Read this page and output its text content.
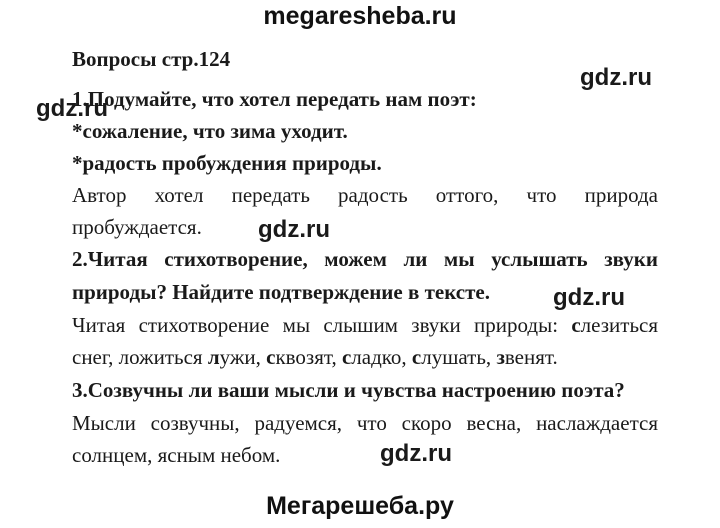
megaresheba.ru
Вопросы стр.124
gdz.ru
gdz.ru
1.Подумайте, что хотел передать нам поэт:
*сожаление, что зима уходит.
*радость пробуждения природы.
Автор хотел передать радость оттого, что природа
пробуждается.	gdz.ru
2.Читая стихотворение, можем ли мы услышать звуки
природы? Найдите подтверждение в тексте.	gdz.ru
Читая стихотворение мы слышим звуки природы: слезиться
снег, ложиться лужи, сквозят, сладко, слушать, звенят.
3.Созвучны ли ваши мысли и чувства настроению поэта?
Мысли созвучны, радуемся, что скоро весна, наслаждается
солнцем, ясным небом.	gdz.ru
Мегарешеба.ру
